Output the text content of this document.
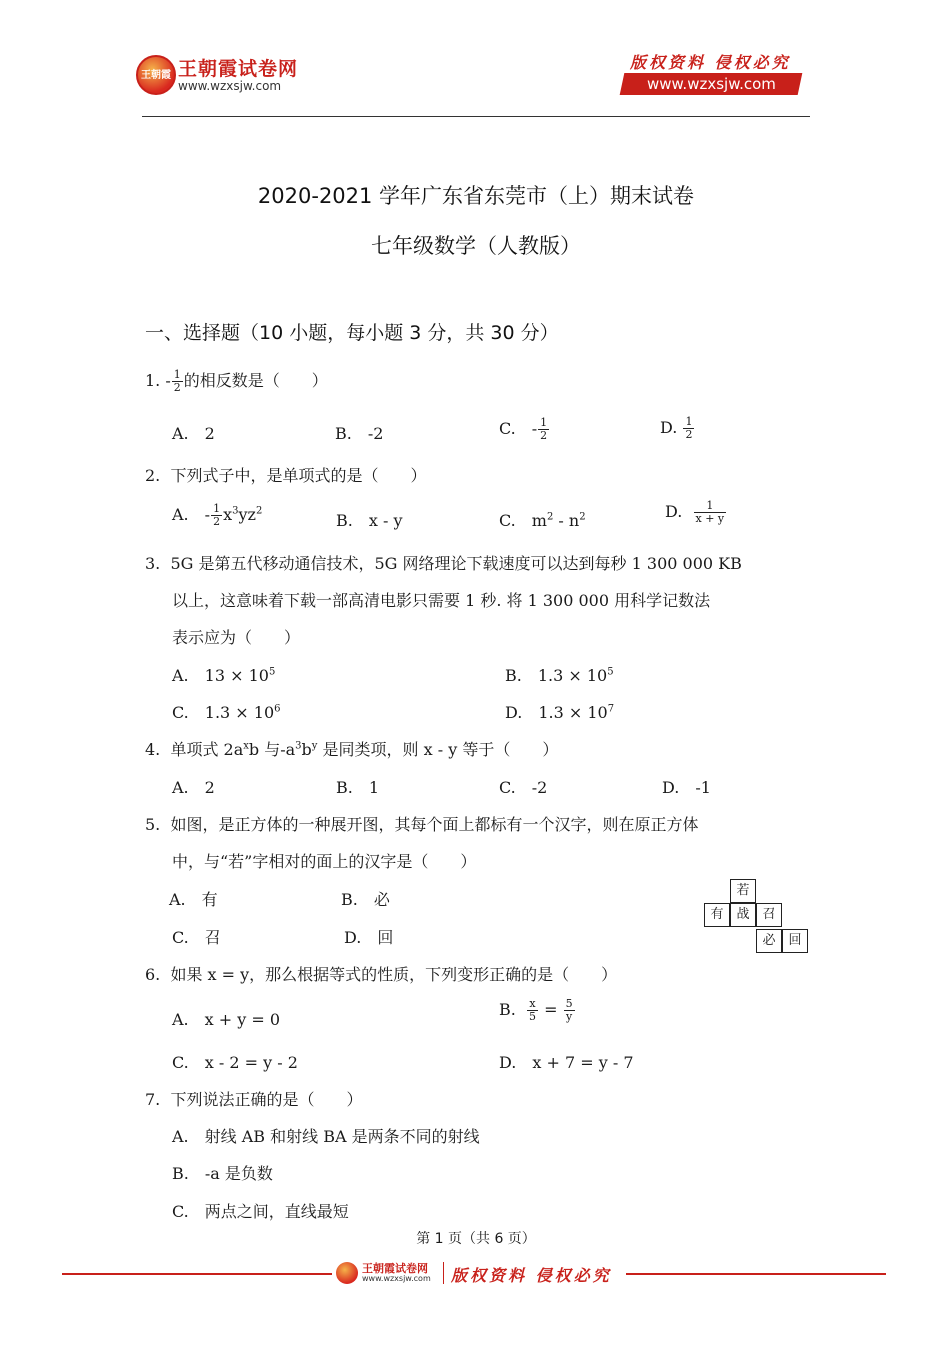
王朝霞 王朝霞试卷网
www.wzxsjw.com
版权资料 侵权必究
www.wzxsjw.com
2020-2021 学年广东省东莞市（上）期末试卷
七年级数学（人教版）
一、选择题（10 小题，每小题 3 分，共 30 分）
1. - $\frac{1}{2}$ 的相反数是（　　）
A.　2	B.　-2	C.　- $\frac{1}{2}$	D. $\frac{1}{2}$
2. 下列式子中，是单项式的是（　　）
A.　- $\frac{1}{2} x^3yz^2$	B.　x - y	C.　$m^2 - n^2$	D. $\frac{1}{x + y}$
3. 5G 是第五代移动通信技术，5G 网络理论下载速度可以达到每秒 1 300 000 KB
以上，这意味着下载一部高清电影只需要 1 秒. 将 1 300 000 用科学记数法
表示应为（　　）
A.　$13 \times 10^5$	B.　$1.3 \times 10^5$
C.　$1.3 \times 10^6$	D.　$1.3 \times 10^7$
4. 单项式 $2a^xb$ 与$-a^3b^y$ 是同类项，则 x - y 等于（　　）
A.　2	B.　1	C.　-2	D.　-1
5. 如图，是正方体的一种展开图，其每个面上都标有一个汉字，则在原正方体
中，与“若”字相对的面上的汉字是（　　）
A.　有	B.　必
C.　召	D.　回
若
有 战 召
必 回
6. 如果 x = y，那么根据等式的性质，下列变形正确的是（　　）
A.　x + y = 0
B. $\frac{x}{5} = \frac{5}{y}$
C.　x - 2 = y - 2	D.　x + 7 = y - 7
7. 下列说法正确的是（　　）
A.　射线 AB 和射线 BA 是两条不同的射线
B.　-a 是负数
C.　两点之间，直线最短
第 1 页（共 6 页）
王朝霞试卷网
www.wzxsjw.com 版权资料 侵权必究
